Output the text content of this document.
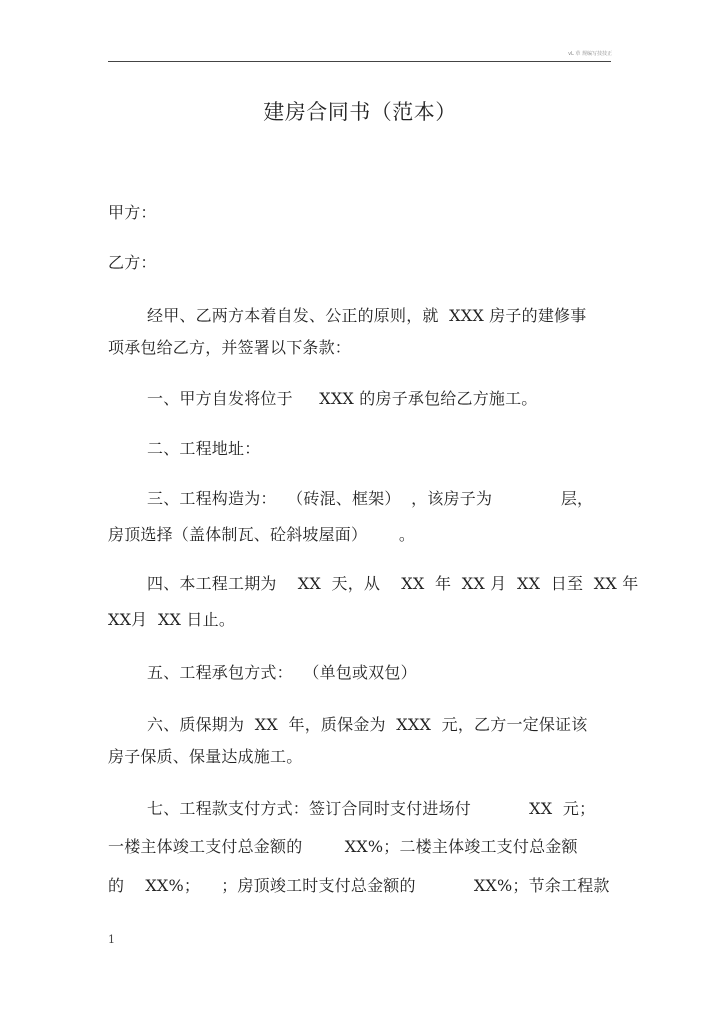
vL 草 规编写技技正
建房合同书（范本）
甲方：
乙方：
经甲、乙两方本着自发、公正的原则，就  XXX 房子的建修事
项承包给乙方，并签署以下条款：
一、甲方自发将位于     XXX 的房子承包给乙方施工。
二、工程地址：
三、工程构造为：  （砖混、框架）  ，该房子为             层，
房顶选择（盖体制瓦、砼斜坡屋面）      。
四、本工程工期为    XX  天，从    XX  年  XX 月  XX  日至  XX 年
XX月  XX 日止。
五、工程承包方式：  （单包或双包）
六、质保期为  XX  年，质保金为  XXX  元，乙方一定保证该
房子保质、保量达成施工。
七、工程款支付方式：签订合同时支付进场付           XX  元；
一楼主体竣工支付总金额的        XX%；二楼主体竣工支付总金额
的    XX%；    ；房顶竣工时支付总金额的           XX%；节余工程款
1
